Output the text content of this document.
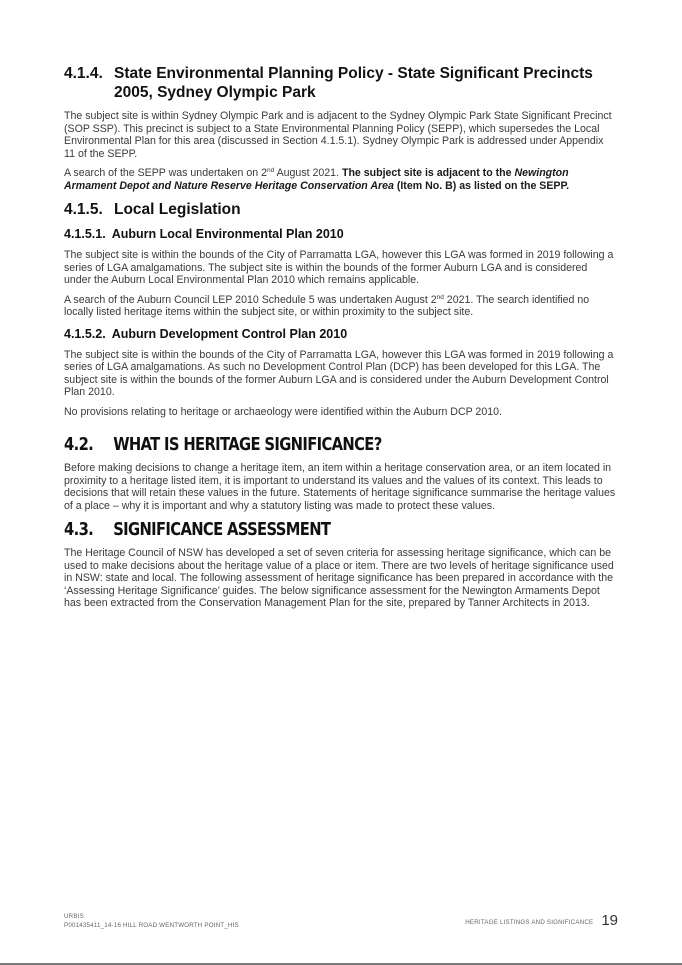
4.1.4. State Environmental Planning Policy - State Significant Precincts 2005, Sydney Olympic Park

The subject site is within Sydney Olympic Park and is adjacent to the Sydney Olympic Park State Significant Precinct (SOP SSP). This precinct is subject to a State Environmental Planning Policy (SEPP), which supersedes the Local Environmental Plan for this area (discussed in Section 4.1.5.1). Sydney Olympic Park is addressed under Appendix 11 of the SEPP.

A search of the SEPP was undertaken on 2nd August 2021. The subject site is adjacent to the Newington Armament Depot and Nature Reserve Heritage Conservation Area (Item No. B) as listed on the SEPP.

4.1.5. Local Legislation
4.1.5.1. Auburn Local Environmental Plan 2010

The subject site is within the bounds of the City of Parramatta LGA, however this LGA was formed in 2019 following a series of LGA amalgamations. The subject site is within the bounds of the former Auburn LGA and is considered under the Auburn Local Environmental Plan 2010 which remains applicable.

A search of the Auburn Council LEP 2010 Schedule 5 was undertaken August 2nd 2021. The search identified no locally listed heritage items within the subject site, or within proximity to the subject site.

4.1.5.2. Auburn Development Control Plan 2010

The subject site is within the bounds of the City of Parramatta LGA, however this LGA was formed in 2019 following a series of LGA amalgamations. As such no Development Control Plan (DCP) has been developed for this LGA. The subject site is within the bounds of the former Auburn LGA and is considered under the Auburn Development Control Plan 2010.

No provisions relating to heritage or archaeology were identified within the Auburn DCP 2010.

4.2.	WHAT IS HERITAGE SIGNIFICANCE?

Before making decisions to change a heritage item, an item within a heritage conservation area, or an item located in proximity to a heritage listed item, it is important to understand its values and the values of its context. This leads to decisions that will retain these values in the future. Statements of heritage significance summarise the heritage values of a place – why it is important and why a statutory listing was made to protect these values.

4.3.	SIGNIFICANCE ASSESSMENT

The Heritage Council of NSW has developed a set of seven criteria for assessing heritage significance, which can be used to make decisions about the heritage value of a place or item. There are two levels of heritage significance used in NSW: state and local. The following assessment of heritage significance has been prepared in accordance with the ‘Assessing Heritage Significance’ guides. The below significance assessment for the Newington Armaments Depot has been extracted from the Conservation Management Plan for the site, prepared by Tanner Architects in 2013.

URBIS
P001435411_14-16 HILL ROAD WENTWORTH POINT_HIS	HERITAGE LISTINGS AND SIGNIFICANCE 19
